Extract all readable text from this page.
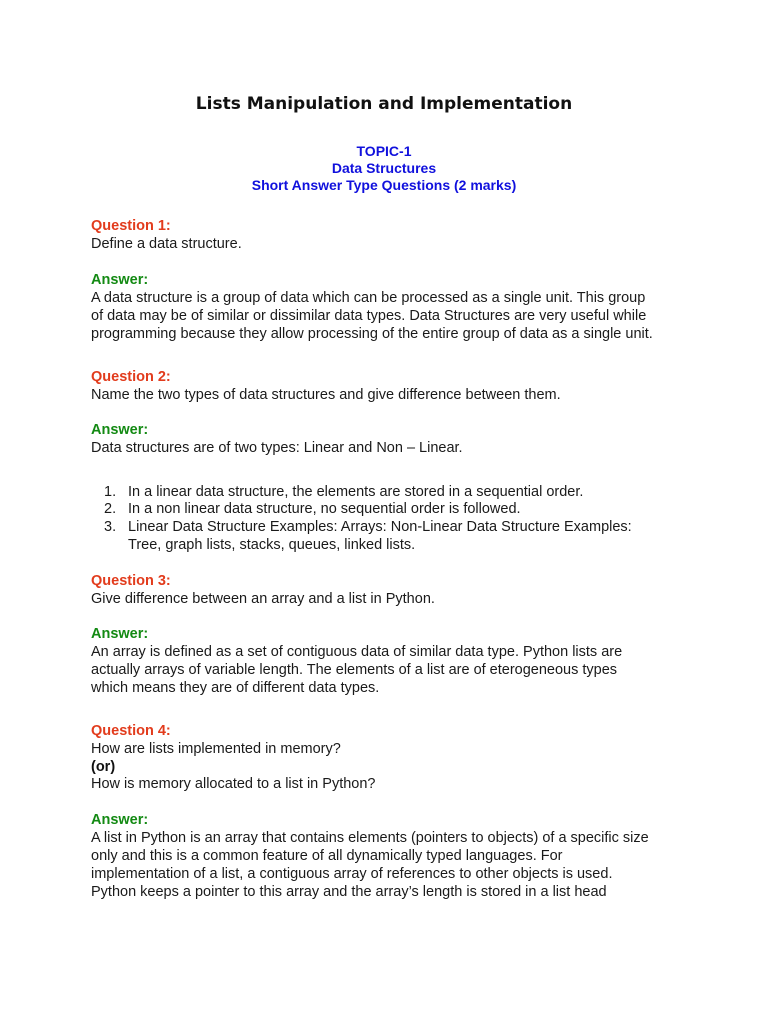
Lists Manipulation and Implementation
TOPIC-1
Data Structures
Short Answer Type Questions (2 marks)
Question 1:
Define a data structure.
Answer:
A data structure is a group of data which can be processed as a single unit. This group
of data may be of similar or dissimilar data types. Data Structures are very useful while
programming because they allow processing of the entire group of data as a single unit.
Question 2:
Name the two types of data structures and give difference between them.
Answer:
Data structures are of two types: Linear and Non – Linear.
1. In a linear data structure, the elements are stored in a sequential order.
2. In a non linear data structure, no sequential order is followed.
3. Linear Data Structure Examples: Arrays: Non-Linear Data Structure Examples:
Tree, graph lists, stacks, queues, linked lists.
Question 3:
Give difference between an array and a list in Python.
Answer:
An array is defined as a set of contiguous data of similar data type. Python lists are
actually arrays of variable length. The elements of a list are of eterogeneous types
which means they are of different data types.
Question 4:
How are lists implemented in memory?
(or)
How is memory allocated to a list in Python?
Answer:
A list in Python is an array that contains elements (pointers to objects) of a specific size
only and this is a common feature of all dynamically typed languages. For
implementation of a list, a contiguous array of references to other objects is used.
Python keeps a pointer to this array and the array’s length is stored in a list head
